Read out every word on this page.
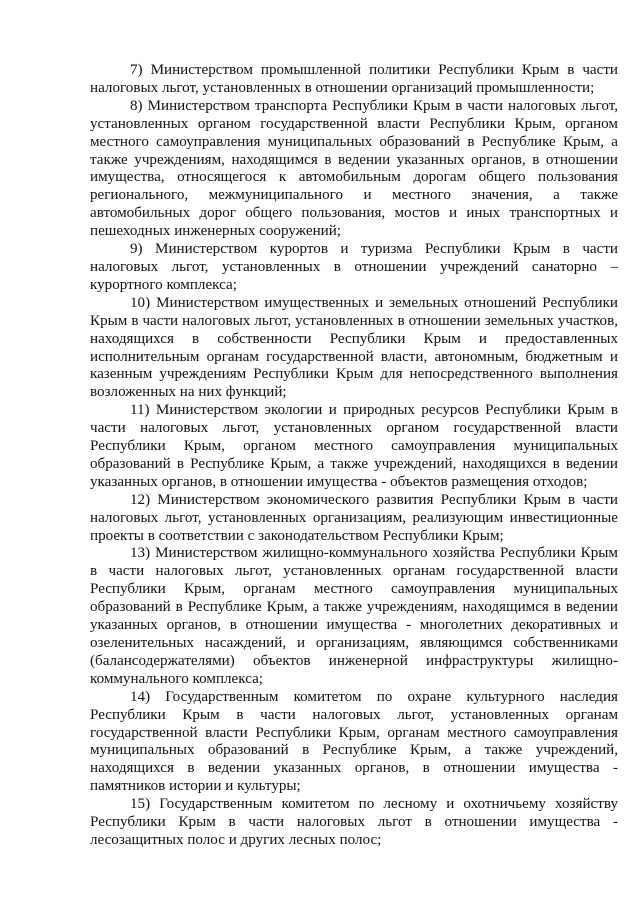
7) Министерством промышленной политики Республики Крым в части налоговых льгот, установленных в отношении организаций промышленности;

8) Министерством транспорта Республики Крым в части налоговых льгот, установленных органом государственной власти Республики Крым, органом местного самоуправления муниципальных образований в Республике Крым, а также учреждениям, находящимся в ведении указанных органов, в отношении имущества, относящегося к автомобильным дорогам общего пользования регионального, межмуниципального и местного значения, а также автомобильных дорог общего пользования, мостов и иных транспортных и пешеходных инженерных сооружений;

9) Министерством курортов и туризма Республики Крым в части налоговых льгот, установленных в отношении учреждений санаторно – курортного комплекса;

10) Министерством имущественных и земельных отношений Республики Крым в части налоговых льгот, установленных в отношении земельных участков, находящихся в собственности Республики Крым и предоставленных исполнительным органам государственной власти, автономным, бюджетным и казенным учреждениям Республики Крым для непосредственного выполнения возложенных на них функций;

11) Министерством экологии и природных ресурсов Республики Крым в части налоговых льгот, установленных органом государственной власти Республики Крым, органом местного самоуправления муниципальных образований в Республике Крым, а также учреждений, находящихся в ведении указанных органов, в отношении имущества - объектов размещения отходов;

12) Министерством экономического развития Республики Крым в части налоговых льгот, установленных организациям, реализующим инвестиционные проекты в соответствии с законодательством Республики Крым;

13) Министерством жилищно-коммунального хозяйства Республики Крым в части налоговых льгот, установленных органам государственной власти Республики Крым, органам местного самоуправления муниципальных образований в Республике Крым, а также учреждениям, находящимся в ведении указанных органов, в отношении имущества - многолетних декоративных и озеленительных насаждений, и организациям, являющимся собственниками (балансодержателями) объектов инженерной инфраструктуры жилищно-коммунального комплекса;

14) Государственным комитетом по охране культурного наследия Республики Крым в части налоговых льгот, установленных органам государственной власти Республики Крым, органам местного самоуправления муниципальных образований в Республике Крым, а также учреждений, находящихся в ведении указанных органов, в отношении имущества - памятников истории и культуры;

15) Государственным комитетом по лесному и охотничьему хозяйству Республики Крым в части налоговых льгот в отношении имущества - лесозащитных полос и других лесных полос;
